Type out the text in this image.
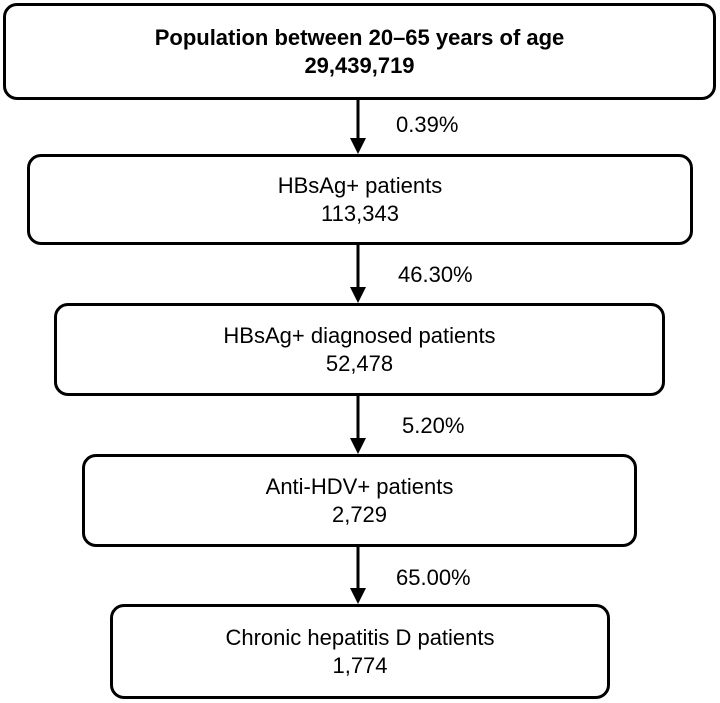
Population between 20–65 years of age
29,439,719
0.39%
HBsAg+ patients
113,343
46.30%
HBsAg+ diagnosed patients
52,478
5.20%
Anti-HDV+ patients
2,729
65.00%
Chronic hepatitis D patients
1,774
